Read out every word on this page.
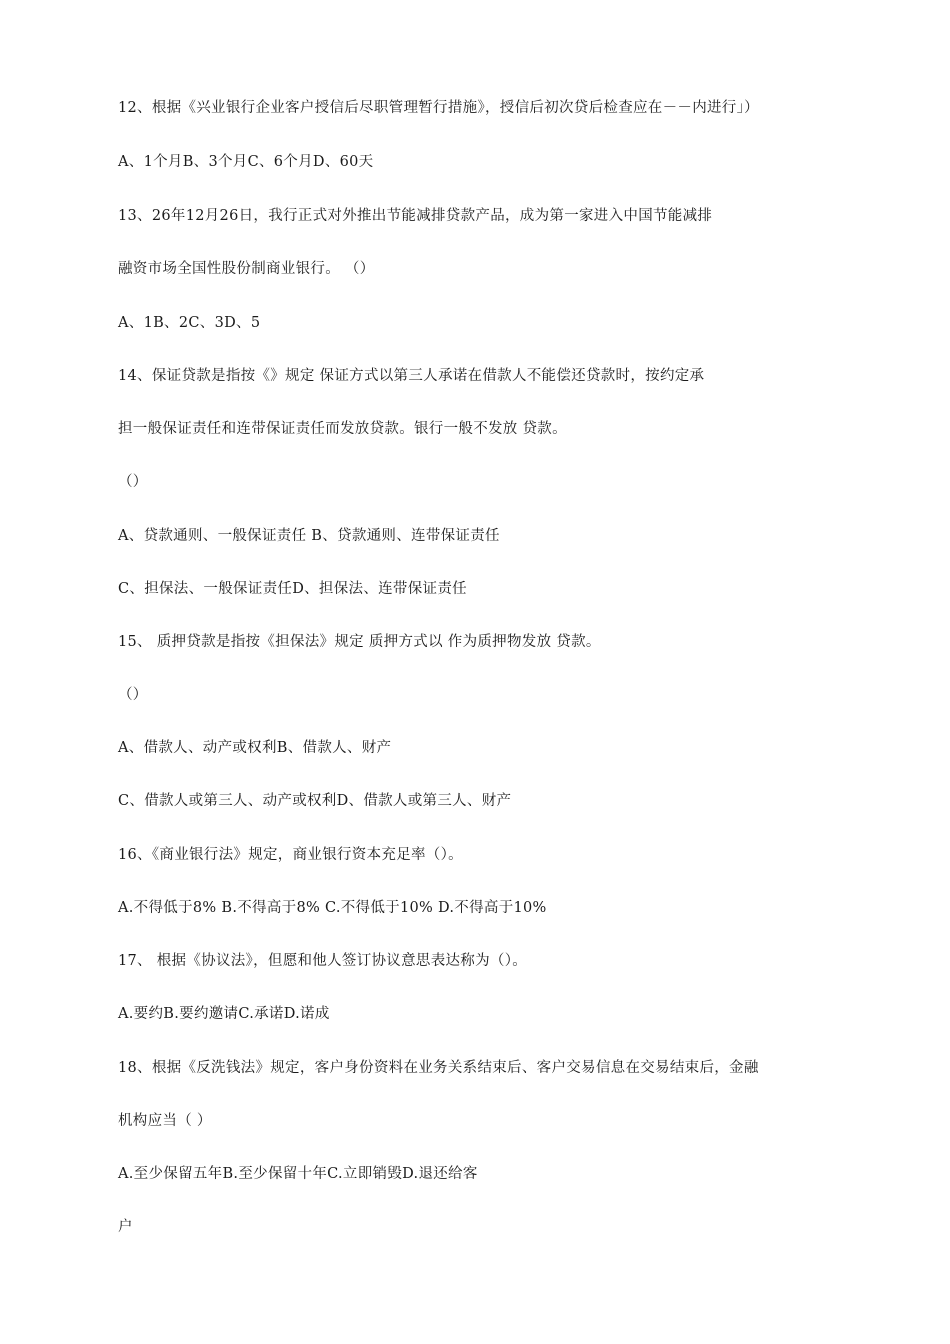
12、根据《兴业银行企业客户授信后尽职管理暂行措施》，授信后初次贷后检查应在－－内进行」）
A、1个月B、3个月C、6个月D、60天
13、26年12月26日，我行正式对外推出节能减排贷款产品，成为第一家进入中国节能减排
融资市场全国性股份制商业银行。 （）
A、1B、2C、3D、5
14、保证贷款是指按《》规定 保证方式以第三人承诺在借款人不能偿还贷款时，按约定承
担一般保证责任和连带保证责任而发放贷款。银行一般不发放 贷款。
（）
A、贷款通则、一般保证责任 B、贷款通则、连带保证责任
C、担保法、一般保证责任D、担保法、连带保证责任
15、 质押贷款是指按《担保法》规定 质押方式以 作为质押物发放 贷款。
（）
A、借款人、动产或权利B、借款人、财产
C、借款人或第三人、动产或权利D、借款人或第三人、财产
16、《商业银行法》规定，商业银行资本充足率（）。
A.不得低于8% B.不得高于8% C.不得低于10% D.不得高于10%
17、 根据《协议法》，但愿和他人签订协议意思表达称为（）。
A.要约B.要约邀请C.承诺D.诺成
18、根据《反洗钱法》规定，客户身份资料在业务关系结束后、客户交易信息在交易结束后，金融
机构应当（ ）
A.至少保留五年B.至少保留十年C.立即销毁D.退还给客
户
